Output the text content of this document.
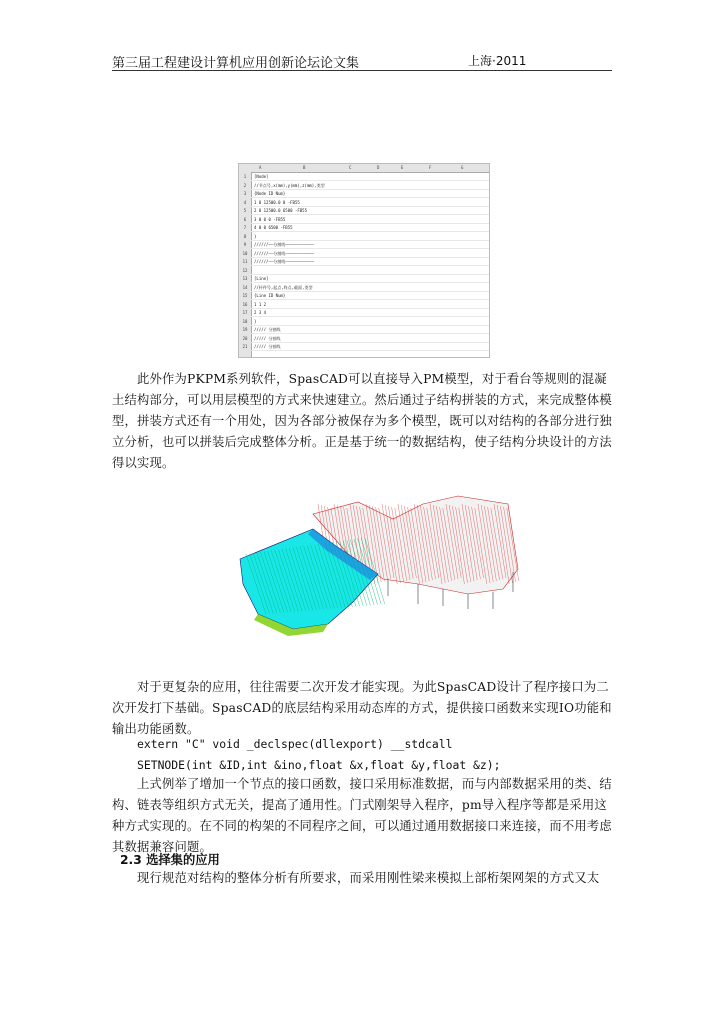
第三届工程建设计算机应用创新论坛论文集	上海·2011
A	B	C	D	E	F	G
1	[Node]
2	//节点号,x(mm),y(mm),z(mm),类型
3	{Node ID Num}
4	1 0 12500.0 0 -FB55
5	2 0 12500.0 6500 -FB55
6	3 0 0 0 -FB55
7	4 0 0 6500 -FB55
8	}
9	//////——分割线————————————
10	//////——分割线————————————
11	//////——分割线————————————
12
13	[Line]
14	//杆件号,起点,终点,截面,类型
15	{Line ID Num}
16	1 1 2
17	2 3 4
18	}
19	///// 分割线
20	///// 分割线
21	///// 分割线

此外作为PKPM系列软件，SpasCAD可以直接导入PM模型，对于看台等规则的混凝土结构部分，可以用层模型的方式来快速建立。然后通过子结构拼装的方式，来完成整体模型，拼装方式还有一个用处，因为各部分被保存为多个模型，既可以对结构的各部分进行独立分析，也可以拼装后完成整体分析。正是基于统一的数据结构，使子结构分块设计的方法得以实现。

对于更复杂的应用，往往需要二次开发才能实现。为此SpasCAD设计了程序接口为二次开发打下基础。SpasCAD的底层结构采用动态库的方式，提供接口函数来实现IO功能和输出功能函数。

extern "C" void _declspec(dllexport) __stdcall
SETNODE(int &ID,int &ino,float &x,float &y,float &z);

上式例举了增加一个节点的接口函数，接口采用标准数据，而与内部数据采用的类、结构、链表等组织方式无关，提高了通用性。门式刚架导入程序，pm导入程序等都是采用这种方式实现的。在不同的构架的不同程序之间，可以通过通用数据接口来连接，而不用考虑其数据兼容问题。

2.3 选择集的应用

现行规范对结构的整体分析有所要求，而采用刚性梁来模拟上部桁架网架的方式又太
